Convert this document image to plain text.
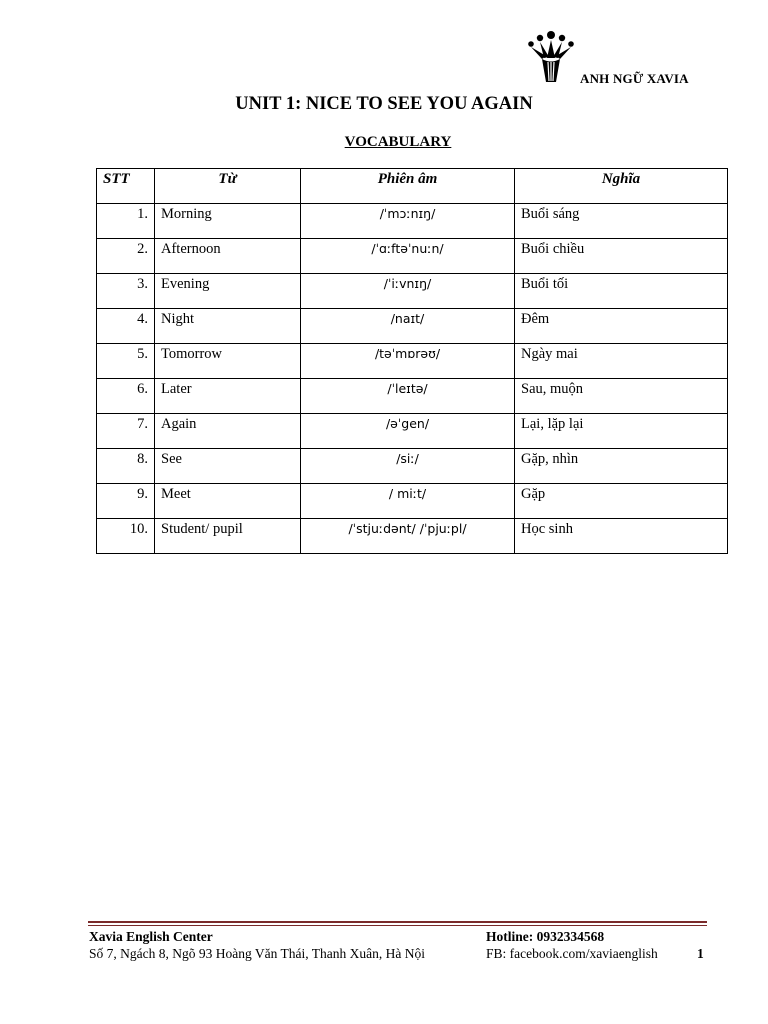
ANH NGỮ XAVIA
UNIT 1: NICE TO SEE YOU AGAIN
VOCABULARY
STT	Từ	Phiên âm	Nghĩa
1.	Morning	/ˈmɔːnɪŋ/	Buổi sáng
2.	Afternoon	/ˈɑːftəˈnuːn/	Buổi chiều
3.	Evening	/ˈiːvnɪŋ/	Buổi tối
4.	Night	/naɪt/	Đêm
5.	Tomorrow	/təˈmɒrəʊ/	Ngày mai
6.	Later	/ˈleɪtə/	Sau, muộn
7.	Again	/əˈgen/	Lại, lặp lại
8.	See	/siː/	Gặp, nhìn
9.	Meet	/ miːt/	Gặp
10.	Student/ pupil	/ˈstjuːdənt/ /ˈpjuːpl/	Học sinh
Xavia English Center
Số 7, Ngách 8, Ngõ 93 Hoàng Văn Thái, Thanh Xuân, Hà Nội
Hotline: 0932334568
FB: facebook.com/xaviaenglish	1
